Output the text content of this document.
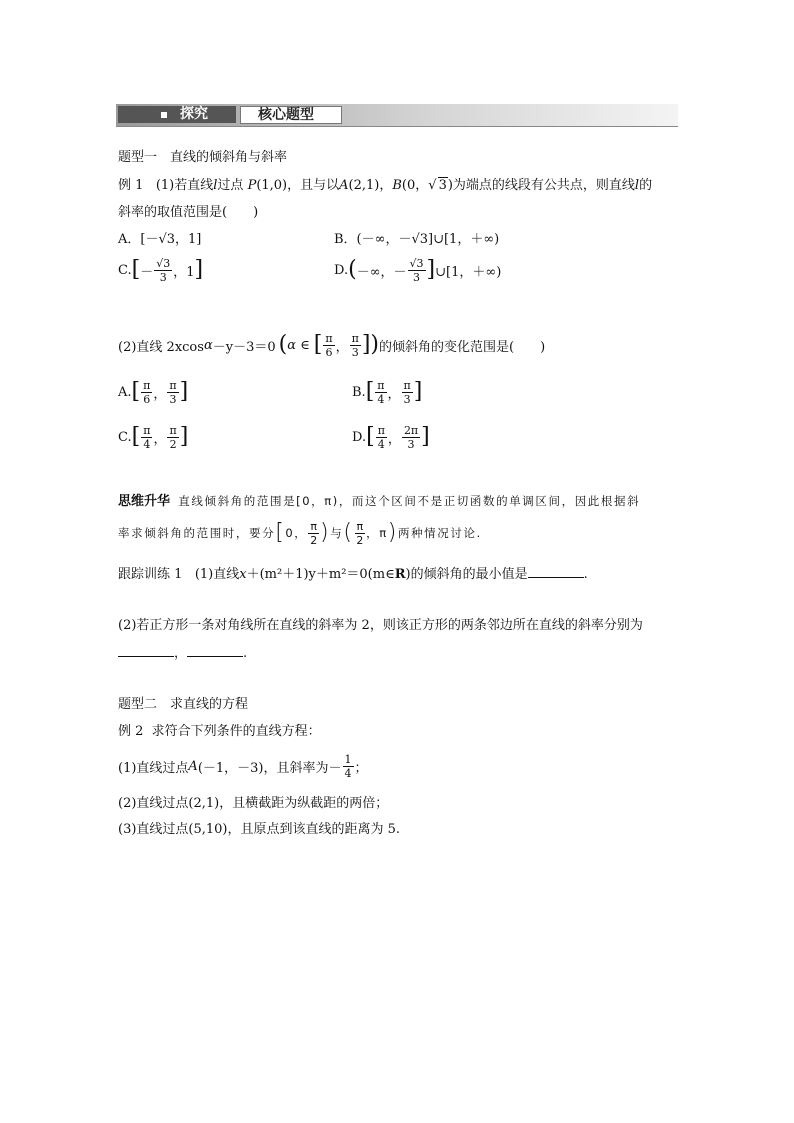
探究	核心题型
题型一　直线的倾斜角与斜率
例 1 (1)若直线l过点 P(1,0)，且与以A(2,1)，B(0，√ 3)为端点的线段有公共点，则直线l的
斜率的取值范围是(　　)
A．[－√3，1]	B．(－∞，－√3]∪[1，＋∞)
C. [ － $\frac{√3}{3}$ ，1 ]	D. ( －∞，－ $\frac{√3}{3}$ ] ∪[1，＋∞)
(2)直线 2xcos α －y－3＝0 ( α ∈ [ $\frac{\pi}{6}$ ， $\frac{\pi}{3}$ ] ) 的倾斜角的变化范围是(　　)
A. [ $\frac{\pi}{6}$ ， $\frac{\pi}{3}$ ]	B. [ $\frac{\pi}{4}$ ， $\frac{\pi}{3}$ ]
C. [ $\frac{\pi}{4}$ ， $\frac{\pi}{2}$ ]	D. [ $\frac{\pi}{4}$ ， $\frac{2\pi}{3}$ ]
思维升华 直线倾斜角的范围是[0，π)，而这个区间不是正切函数的单调区间，因此根据斜
率求倾斜角的范围时，要分 [ 0， $\frac{\pi}{2}$ ) 与 ( $\frac{\pi}{2}$ ，π ) 两种情况讨论.
跟踪训练 1 (1)直线x＋(m²＋1)y＋m²＝0(m∈R)的倾斜角的最小值是	.
(2)若正方形一条对角线所在直线的斜率为 2，则该正方形的两条邻边所在直线的斜率分别为
，	.
题型二　求直线的方程
例 2 求符合下列条件的直线方程：
(1)直线过点 A (－1，－3)，且斜率为－ $\frac{1}{4}$ ；
(2)直线过点(2,1)，且横截距为纵截距的两倍；
(3)直线过点(5,10)，且原点到该直线的距离为 5.
